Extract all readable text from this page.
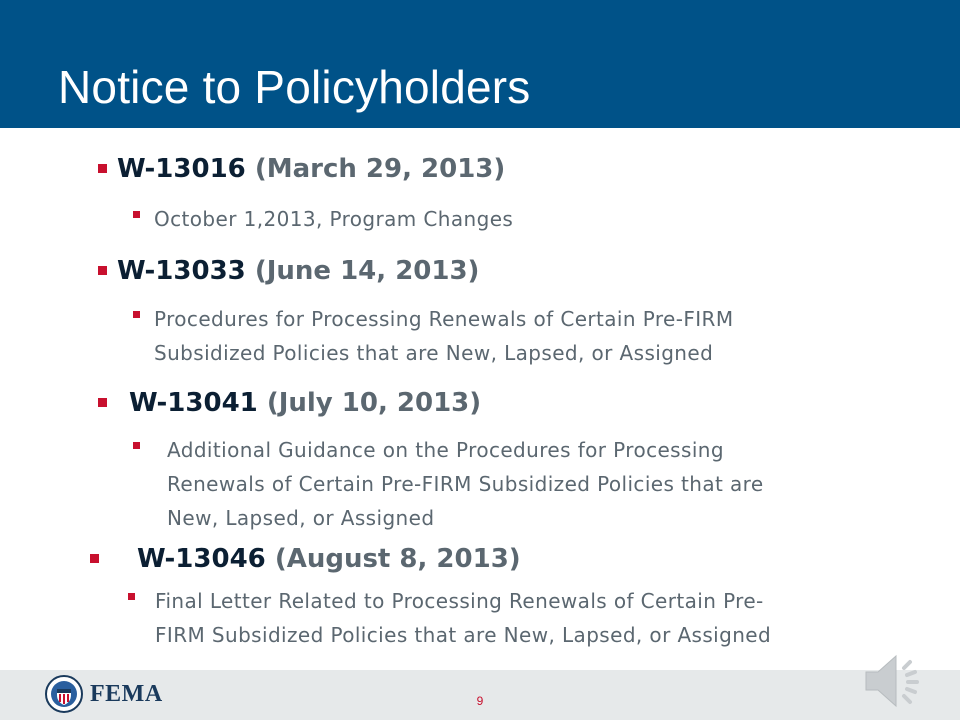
Notice to Policyholders
W-13016 (March 29, 2013)
October 1,2013, Program Changes
W-13033 (June 14, 2013)
Procedures for Processing Renewals of Certain Pre-FIRM
Subsidized Policies that are New, Lapsed, or Assigned
W-13041 (July 10, 2013)
Additional Guidance on the Procedures for Processing
Renewals of Certain Pre-FIRM Subsidized Policies that are
New, Lapsed, or Assigned
W-13046 (August 8, 2013)
Final Letter Related to Processing Renewals of Certain Pre-
FIRM Subsidized Policies that are New, Lapsed, or Assigned
FEMA	9
